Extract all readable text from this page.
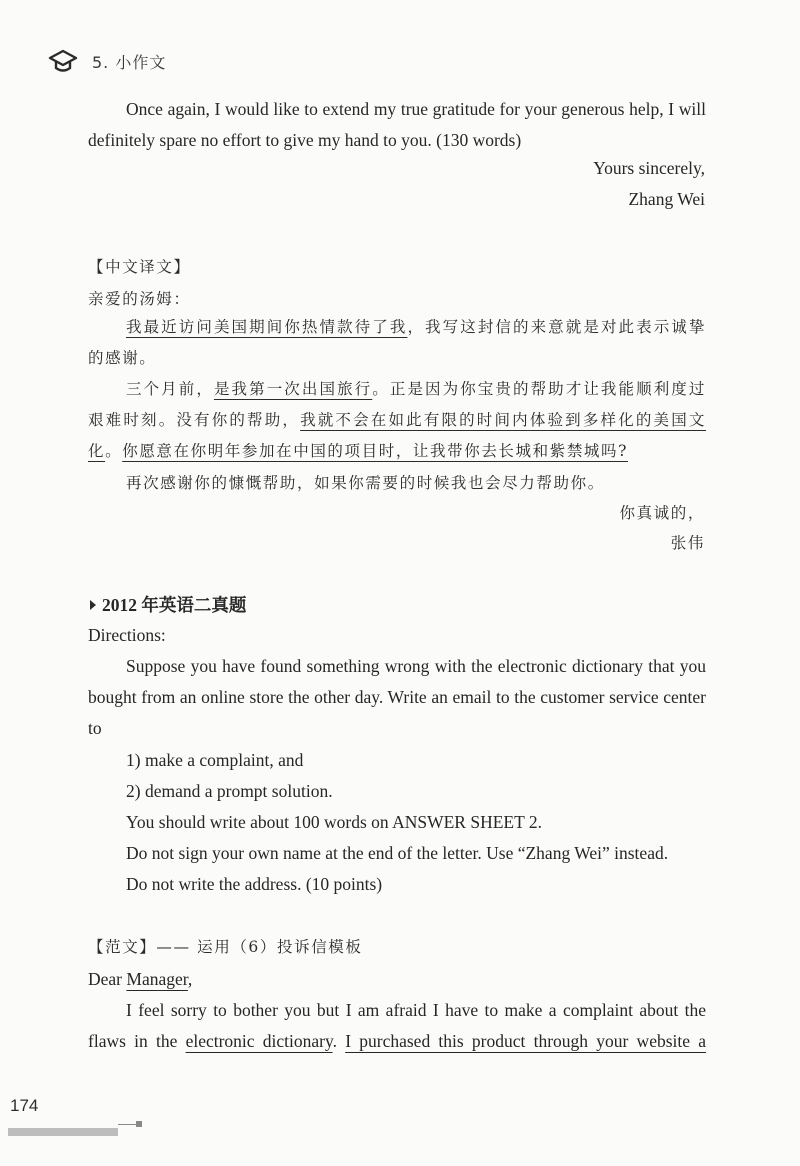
5. 小作文
Once again, I would like to extend my true gratitude for your generous help, I will definitely spare no effort to give my hand to you. (130 words)
Yours sincerely,
Zhang Wei
【中文译文】
亲爱的汤姆：
我最近访问美国期间你热情款待了我，我写这封信的来意就是对此表示诚挚的感谢。
三个月前，是我第一次出国旅行。正是因为你宝贵的帮助才让我能顺利度过艰难时刻。没有你的帮助，我就不会在如此有限的时间内体验到多样化的美国文化。你愿意在你明年参加在中国的项目时，让我带你去长城和紫禁城吗?
再次感谢你的慷慨帮助，如果你需要的时候我也会尽力帮助你。
你真诚的，
张伟
2012 年英语二真题
Directions:
Suppose you have found something wrong with the electronic dictionary that you bought from an online store the other day. Write an email to the customer service center to
1) make a complaint, and
2) demand a prompt solution.
You should write about 100 words on ANSWER SHEET 2.
Do not sign your own name at the end of the letter. Use “Zhang Wei” instead.
Do not write the address. (10 points)
【范文】—— 运用（6）投诉信模板
Dear Manager,
I feel sorry to bother you but I am afraid I have to make a complaint about the flaws in the electronic dictionary. I purchased this product through your website a
174
